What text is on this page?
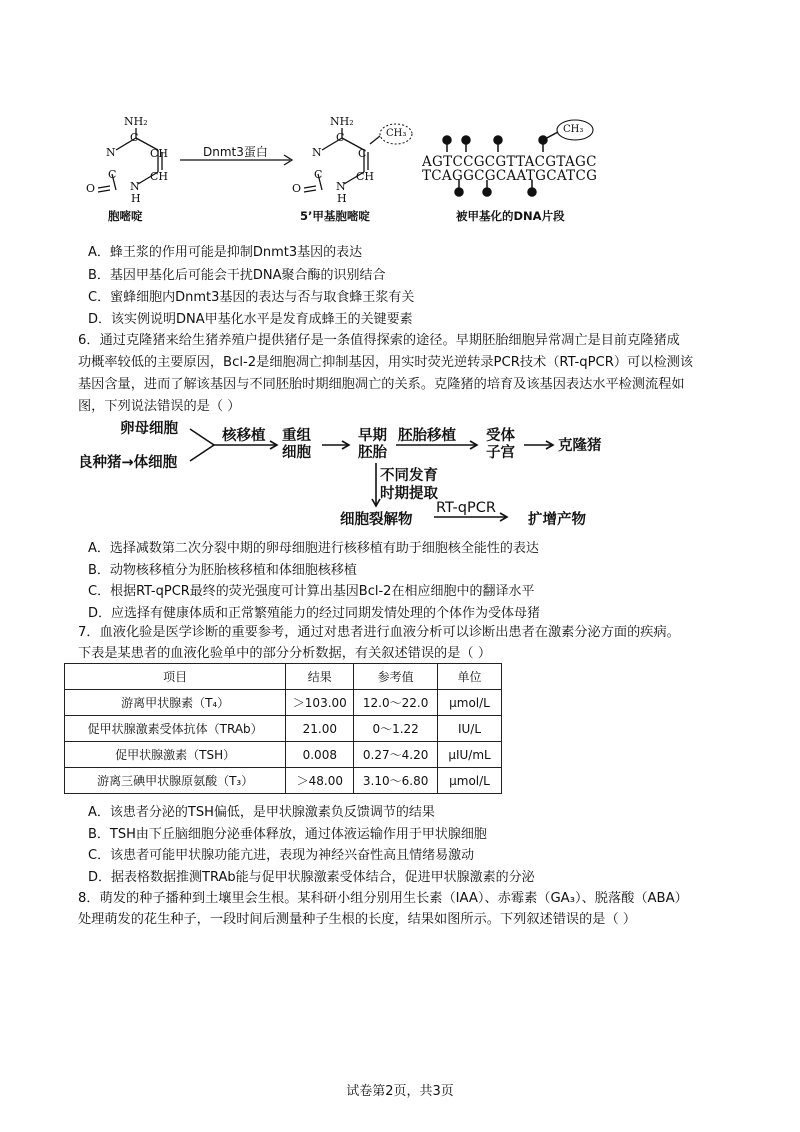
NH₂
C
N	CH
CH
C
N
H
O
胞嘧啶
Dnmt3蛋白
NH₂
CH₃
C
N	C
CH
C
N
H
O
5’甲基胞嘧啶
CH₃
AGTCCGCGTTACGTAGC
TCAGGCGCAATGCATCG
被甲基化的DNA片段
A．蜂王浆的作用可能是抑制Dnmt3基因的表达
B．基因甲基化后可能会干扰DNA聚合酶的识别结合
C．蜜蜂细胞内Dnmt3基因的表达与否与取食蜂王浆有关
D．该实例说明DNA甲基化水平是发育成蜂王的关键要素
6．通过克隆猪来给生猪养殖户提供猪仔是一条值得探索的途径。早期胚胎细胞异常凋亡是目前克隆猪成
功概率较低的主要原因，Bcl-2是细胞凋亡抑制基因，用实时荧光逆转录PCR技术（RT-qPCR）可以检测该
基因含量，进而了解该基因与不同胚胎时期细胞凋亡的关系。克隆猪的培育及该基因表达水平检测流程如
图，下列说法错误的是（ ）
卵母细胞
良种猪→体细胞
核移植 重组
细胞
早期
胚胎
胚胎移植 受体
子宫	克隆猪
不同发育
时期提取
细胞裂解物
RT-qPCR
扩增产物
A．选择减数第二次分裂中期的卵母细胞进行核移植有助于细胞核全能性的表达
B．动物核移植分为胚胎核移植和体细胞核移植
C．根据RT-qPCR最终的荧光强度可计算出基因Bcl-2在相应细胞中的翻译水平
D．应选择有健康体质和正常繁殖能力的经过同期发情处理的个体作为受体母猪
7．血液化验是医学诊断的重要参考，通过对患者进行血液分析可以诊断出患者在激素分泌方面的疾病。
下表是某患者的血液化验单中的部分分析数据，有关叙述错误的是（ ）
项目	结果	参考值	单位
游离甲状腺素（T₄）	＞103.00	12.0～22.0	μmol/L
促甲状腺激素受体抗体（TRAb）	21.00	0～1.22	IU/L
促甲状腺激素（TSH）	0.008	0.27～4.20	μIU/mL
游离三碘甲状腺原氨酸（T₃）	＞48.00	3.10～6.80	μmol/L
A．该患者分泌的TSH偏低，是甲状腺激素负反馈调节的结果
B．TSH由下丘脑细胞分泌垂体释放，通过体液运输作用于甲状腺细胞
C．该患者可能甲状腺功能亢进，表现为神经兴奋性高且情绪易激动
D．据表格数据推测TRAb能与促甲状腺激素受体结合，促进甲状腺激素的分泌
8．萌发的种子播种到土壤里会生根。某科研小组分别用生长素（IAA）、赤霉素（GA₃）、脱落酸（ABA）
处理萌发的花生种子，一段时间后测量种子生根的长度，结果如图所示。下列叙述错误的是（ ）
试卷第2页，共3页
